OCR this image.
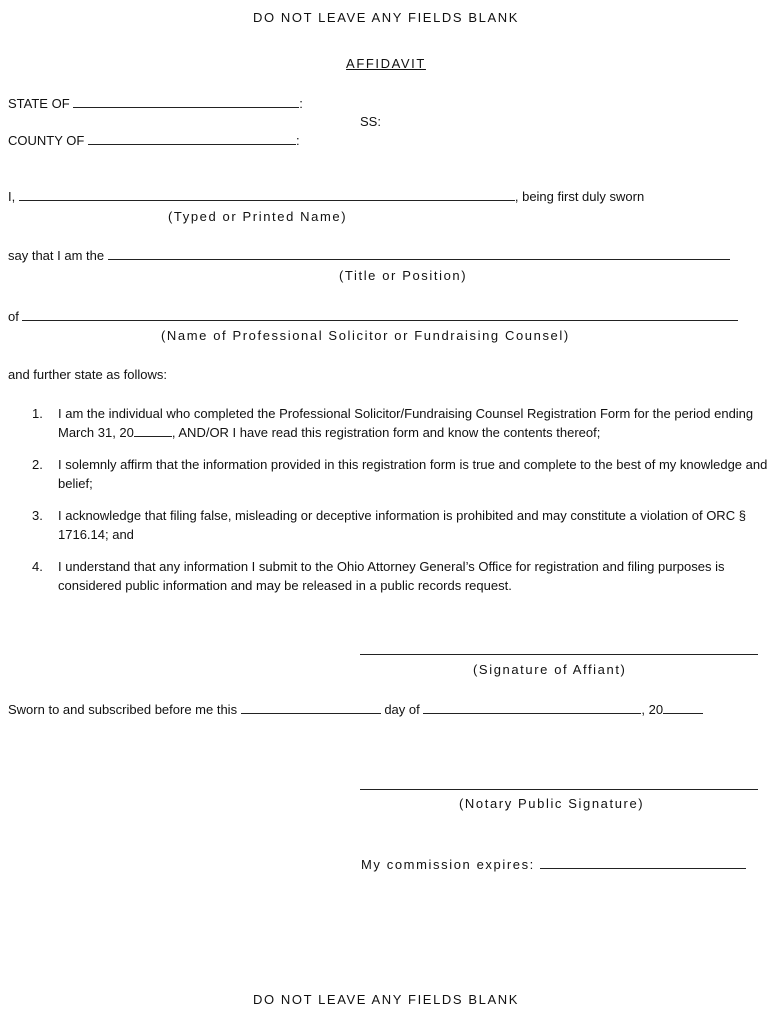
DO NOT LEAVE ANY FIELDS BLANK
AFFIDAVIT
STATE OF	:
SS:
COUNTY OF	:
I,	, being first duly sworn
(Typed or Printed Name)
say that I am the
(Title or Position)
of
(Name of Professional Solicitor or Fundraising Counsel)
and further state as follows:
1. I am the individual who completed the Professional Solicitor/Fundraising Counsel Registration Form for the period ending March 31, 20	, AND/OR I have read this registration form and know the contents thereof;
2. I solemnly affirm that the information provided in this registration form is true and complete to the best of my knowledge and belief;
3. I acknowledge that filing false, misleading or deceptive information is prohibited and may constitute a violation of ORC § 1716.14; and
4. I understand that any information I submit to the Ohio Attorney General’s Office for registration and filing purposes is considered public information and may be released in a public records request.
(Signature of Affiant)
Sworn to and subscribed before me this	day of	, 20
(Notary Public Signature)
My commission expires:
DO NOT LEAVE ANY FIELDS BLANK
